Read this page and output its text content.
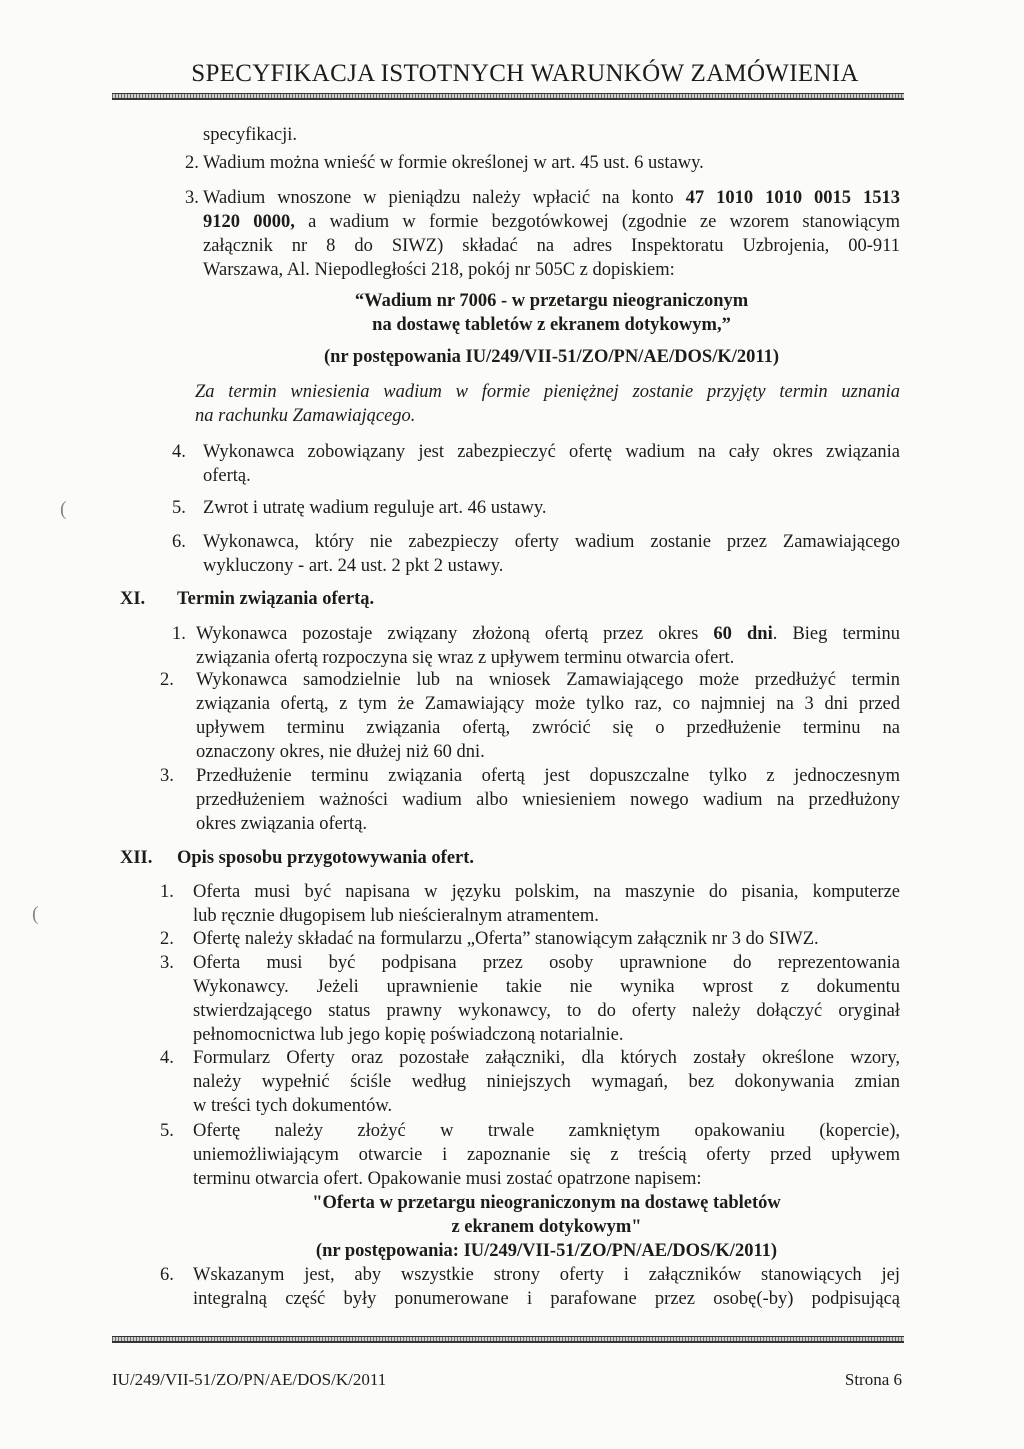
SPECYFIKACJA ISTOTNYCH WARUNKÓW ZAMÓWIENIA
specyfikacji.
2. Wadium można wnieść w formie określonej w art. 45 ust. 6 ustawy.
3. Wadium wnoszone w pieniądzu należy wpłacić na konto 47 1010 1010 0015 1513
9120 0000, a wadium w formie bezgotówkowej (zgodnie ze wzorem stanowiącym
załącznik nr 8 do SIWZ) składać na adres Inspektoratu Uzbrojenia, 00-911
Warszawa, Al. Niepodległości 218, pokój nr 505C z dopiskiem:
“Wadium nr 7006 - w przetargu nieograniczonym
na dostawę tabletów z ekranem dotykowym,”
(nr postępowania IU/249/VII-51/ZO/PN/AE/DOS/K/2011)
Za termin wniesienia wadium w formie pieniężnej zostanie przyjęty termin uznania
na rachunku Zamawiającego.
4. Wykonawca zobowiązany jest zabezpieczyć ofertę wadium na cały okres związania
ofertą.
5. Zwrot i utratę wadium reguluje art. 46 ustawy.
(
6. Wykonawca, który nie zabezpieczy oferty wadium zostanie przez Zamawiającego
wykluczony - art. 24 ust. 2 pkt 2 ustawy.
XI. Termin związania ofertą.
1. Wykonawca pozostaje związany złożoną ofertą przez okres 60 dni. Bieg terminu
związania ofertą rozpoczyna się wraz z upływem terminu otwarcia ofert.
2. Wykonawca samodzielnie lub na wniosek Zamawiającego może przedłużyć termin
związania ofertą, z tym że Zamawiający może tylko raz, co najmniej na 3 dni przed
upływem terminu związania ofertą, zwrócić się o przedłużenie terminu na
oznaczony okres, nie dłużej niż 60 dni.
3. Przedłużenie terminu związania ofertą jest dopuszczalne tylko z jednoczesnym
przedłużeniem ważności wadium albo wniesieniem nowego wadium na przedłużony
okres związania ofertą.
XII. Opis sposobu przygotowywania ofert.
1. Oferta musi być napisana w języku polskim, na maszynie do pisania, komputerze
lub ręcznie długopisem lub nieścieralnym atramentem.
(
2. Ofertę należy składać na formularzu „Oferta” stanowiącym załącznik nr 3 do SIWZ.
3. Oferta musi być podpisana przez osoby uprawnione do reprezentowania
Wykonawcy. Jeżeli uprawnienie takie nie wynika wprost z dokumentu
stwierdzającego status prawny wykonawcy, to do oferty należy dołączyć oryginał
pełnomocnictwa lub jego kopię poświadczoną notarialnie.
4. Formularz Oferty oraz pozostałe załączniki, dla których zostały określone wzory,
należy wypełnić ściśle według niniejszych wymagań, bez dokonywania zmian
w treści tych dokumentów.
5. Ofertę należy złożyć w trwale zamkniętym opakowaniu (kopercie),
uniemożliwiającym otwarcie i zapoznanie się z treścią oferty przed upływem
terminu otwarcia ofert. Opakowanie musi zostać opatrzone napisem:
"Oferta w przetargu nieograniczonym na dostawę tabletów
z ekranem dotykowym"
(nr postępowania: IU/249/VII-51/ZO/PN/AE/DOS/K/2011)
6. Wskazanym jest, aby wszystkie strony oferty i załączników stanowiących jej
integralną część były ponumerowane i parafowane przez osobę(-by) podpisującą
IU/249/VII-51/ZO/PN/AE/DOS/K/2011	Strona 6
